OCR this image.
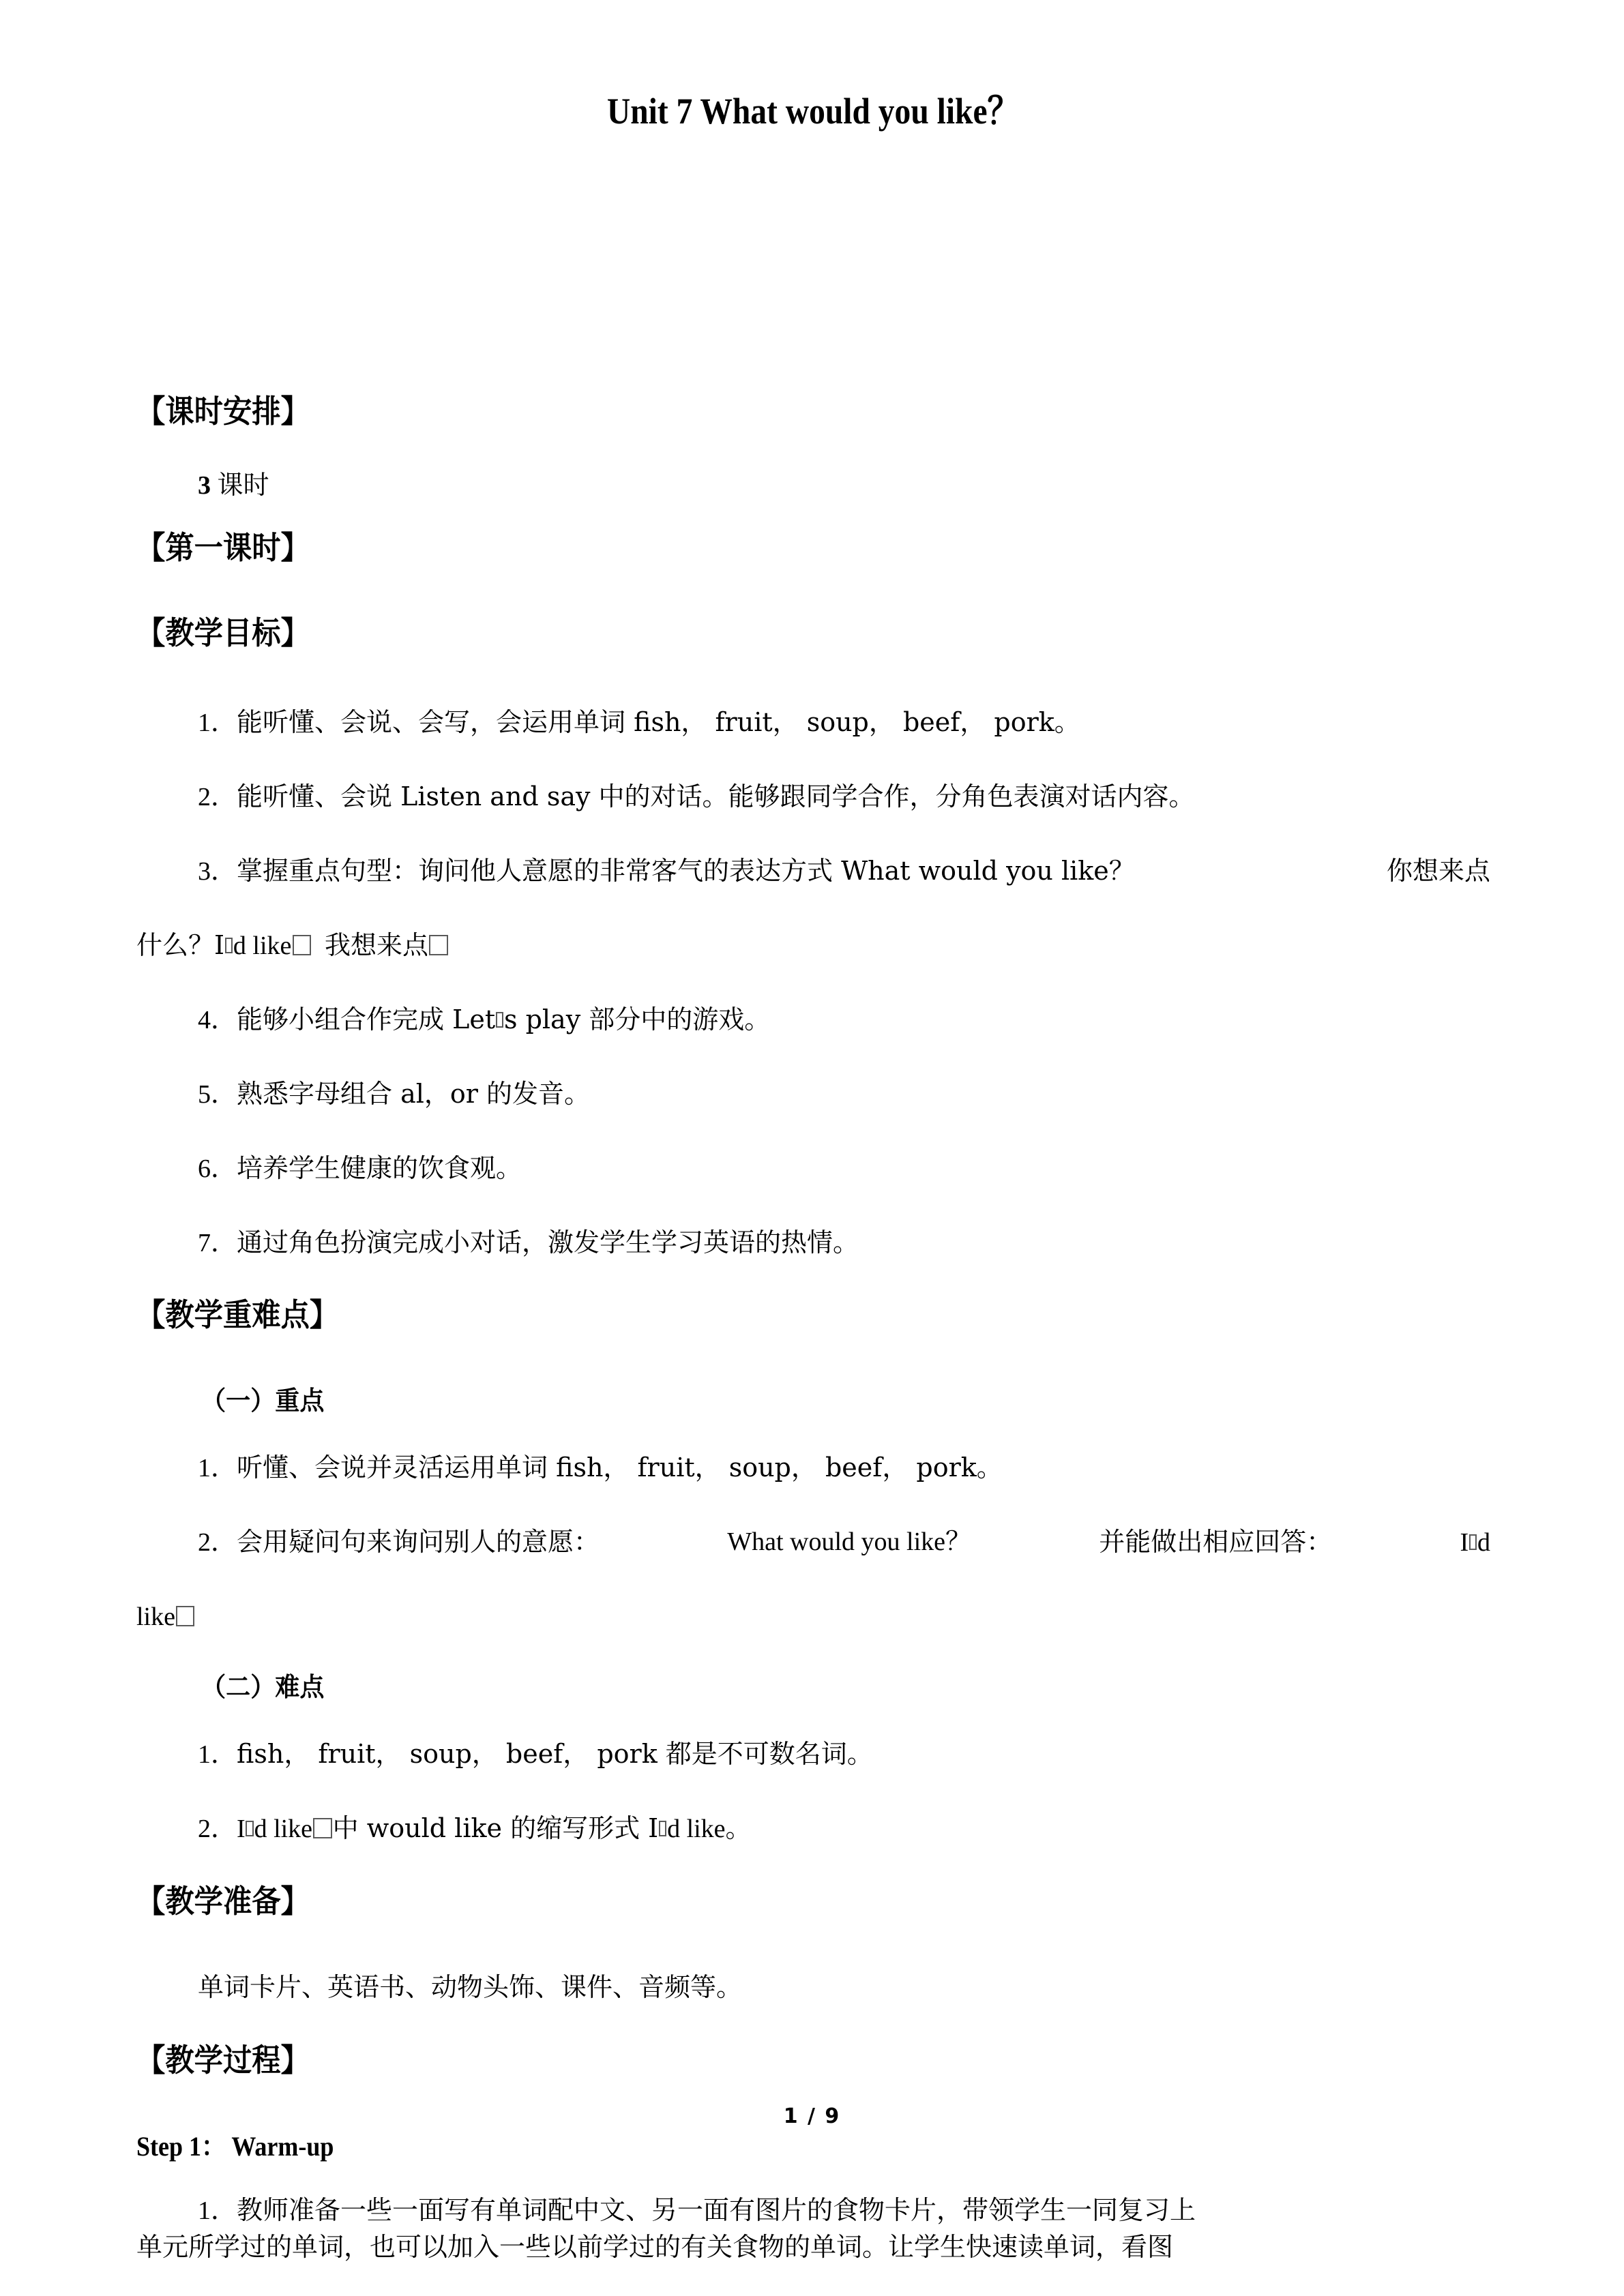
Unit 7 What would you like？
【课时安排】
3 课时
【第一课时】
【教学目标】
1．能听懂、会说、会写，会运用单词 fish， fruit， soup， beef， pork。
2．能听懂、会说 Listen and say 中的对话。能够跟同学合作，分角色表演对话内容。
3．掌握重点句型：询问他人意愿的非常客气的表达方式 What would you like？	你想来点
什么？I d like 我想来点
4．能够小组合作完成 Let s play 部分中的游戏。
5．熟悉字母组合 al，or 的发音。
6．培养学生健康的饮食观。
7．通过角色扮演完成小对话，激发学生学习英语的热情。
【教学重难点】
（一）重点
1．听懂、会说并灵活运用单词 fish， fruit， soup， beef， pork。
2．会用疑问句来询问别人的意愿：	What would you like？	并能做出相应回答：	I d
like
（二）难点
1．fish， fruit， soup， beef， pork 都是不可数名词。
2．I d like 中 would like 的缩写形式 I d like。
【教学准备】
单词卡片、英语书、动物头饰、课件、音频等。
【教学过程】
Step 1： Warm-up
1．教师准备一些一面写有单词配中文、另一面有图片的食物卡片，带领学生一同复习上
单元所学过的单词，也可以加入一些以前学过的有关食物的单词。让学生快速读单词，看图
1 / 9
